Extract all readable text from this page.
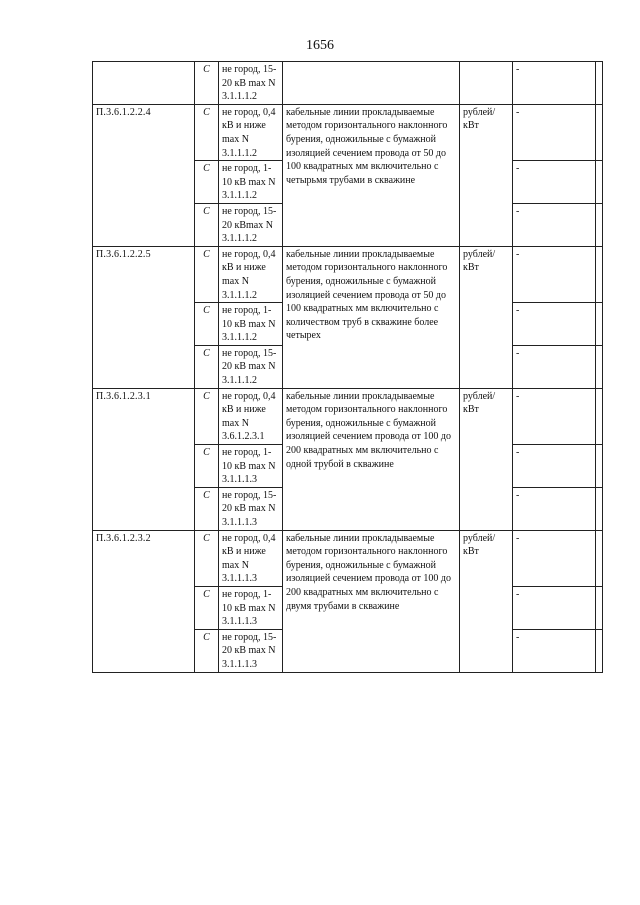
1656
	C	не город, 15-20 кВ max N 3.1.1.1.2			-	
П.3.6.1.2.2.4	C	не город, 0,4 кВ и ниже max N 3.1.1.1.2	кабельные линии прокладываемые методом горизонтального наклонного бурения, одножильные с бумажной изоляцией сечением провода от 50 до 100 квадратных мм включительно с четырьмя трубами в скважине	рублей/ кВт	-	
	C	не город, 1-10 кВ max N 3.1.1.1.2			-	
	C	не город, 15-20 кВmax N 3.1.1.1.2			-	
П.3.6.1.2.2.5	C	не город, 0,4 кВ и ниже max N 3.1.1.1.2	кабельные линии прокладываемые методом горизонтального наклонного бурения, одножильные с бумажной изоляцией сечением провода от 50 до 100 квадратных мм включительно с количеством труб в скважине более четырех	рублей/ кВт	-	
	C	не город, 1-10 кВ max N 3.1.1.1.2			-	
	C	не город, 15-20 кВ max N 3.1.1.1.2			-	
П.3.6.1.2.3.1	C	не город, 0,4 кВ и ниже max N 3.6.1.2.3.1	кабельные линии прокладываемые методом горизонтального наклонного бурения, одножильные с бумажной изоляцией сечением провода от 100 до 200 квадратных мм включительно с одной трубой в скважине	рублей/ кВт	-	
	C	не город, 1-10 кВ max N 3.1.1.1.3			-	
	C	не город, 15-20 кВ max N 3.1.1.1.3			-	
П.3.6.1.2.3.2	C	не город, 0,4 кВ и ниже max N 3.1.1.1.3	кабельные линии прокладываемые методом горизонтального наклонного бурения, одножильные с бумажной изоляцией сечением провода от 100 до 200 квадратных мм включительно с двумя трубами в скважине	рублей/ кВт	-	
	C	не город, 1-10 кВ max N 3.1.1.1.3			-	
	C	не город, 15-20 кВ max N 3.1.1.1.3			-	
